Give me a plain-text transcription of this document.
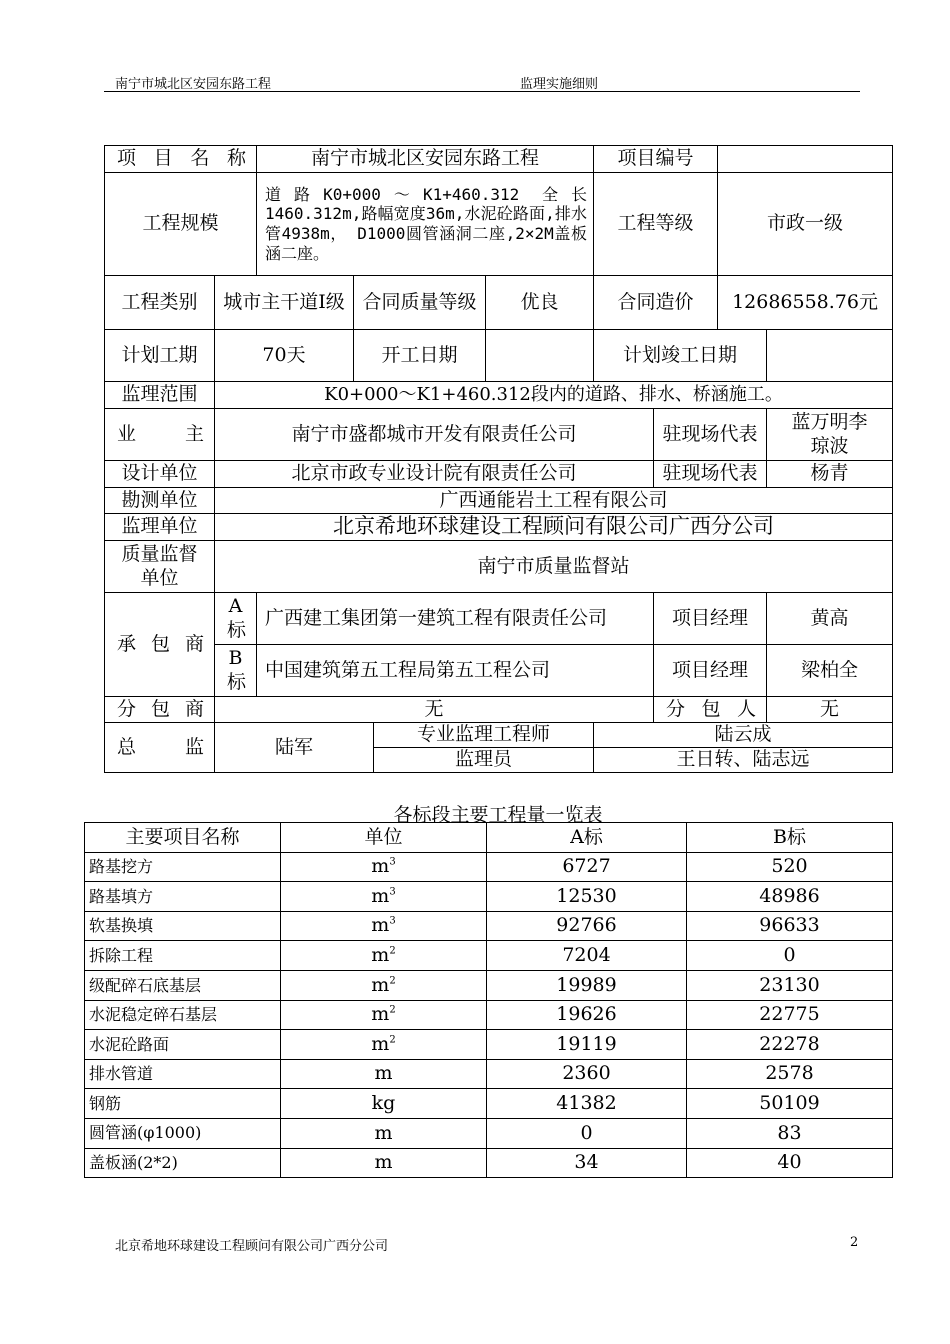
南宁市城北区安园东路工程	监理实施细则
项 目 名 称		南宁市城北区安园东路工程				项目编号			
工程规模		道路K0+000～K1+460.312 全长1460.312m,路幅宽度36m,水泥砼路面,排水管4938m， D1000圆管涵洞二座,2×2M盖板涵二座。				工程等级		市政一级	
工程类别	城市主干道Ⅰ级		合同质量等级		优良	合同造价		12686558.76元	
计划工期	70天		开工日期			计划竣工日期			
监理范围	K0+000～K1+460.312段内的道路、排水、桥涵施工。								
业 主	南宁市盛都城市开发有限责任公司						驻现场代表		蓝万明李琼波
设计单位	北京市政专业设计院有限责任公司						驻现场代表		杨青
勘测单位	广西通能岩土工程有限公司								
监理单位	北京希地环球建设工程顾问有限公司广西分公司								
质量监督单位	南宁市质量监督站								
承 包 商	A标	广西建工集团第一建筑工程有限责任公司					项目经理		黄高
	B标	中国建筑第五工程局第五工程公司					项目经理		梁柏全
分 包 商	无						分 包 人		无
总 监	陆军			专业监理工程师		陆云成			
				监理员		王日转、陆志远			
各标段主要工程量一览表
主要项目名称	单位	A标	B标
路基挖方	$m^3$	6727	520
路基填方	$m^3$	12530	48986
软基换填	$m^3$	92766	96633
拆除工程	$m^2$	7204	0
级配碎石底基层	$m^2$	19989	23130
水泥稳定碎石基层	$m^2$	19626	22775
水泥砼路面	$m^2$	19119	22278
排水管道	m	2360	2578
钢筋	kg	41382	50109
圆管涵(φ1000)	m	0	83
盖板涵(2*2)	m	34	40
北京希地环球建设工程顾问有限公司广西分公司	2
